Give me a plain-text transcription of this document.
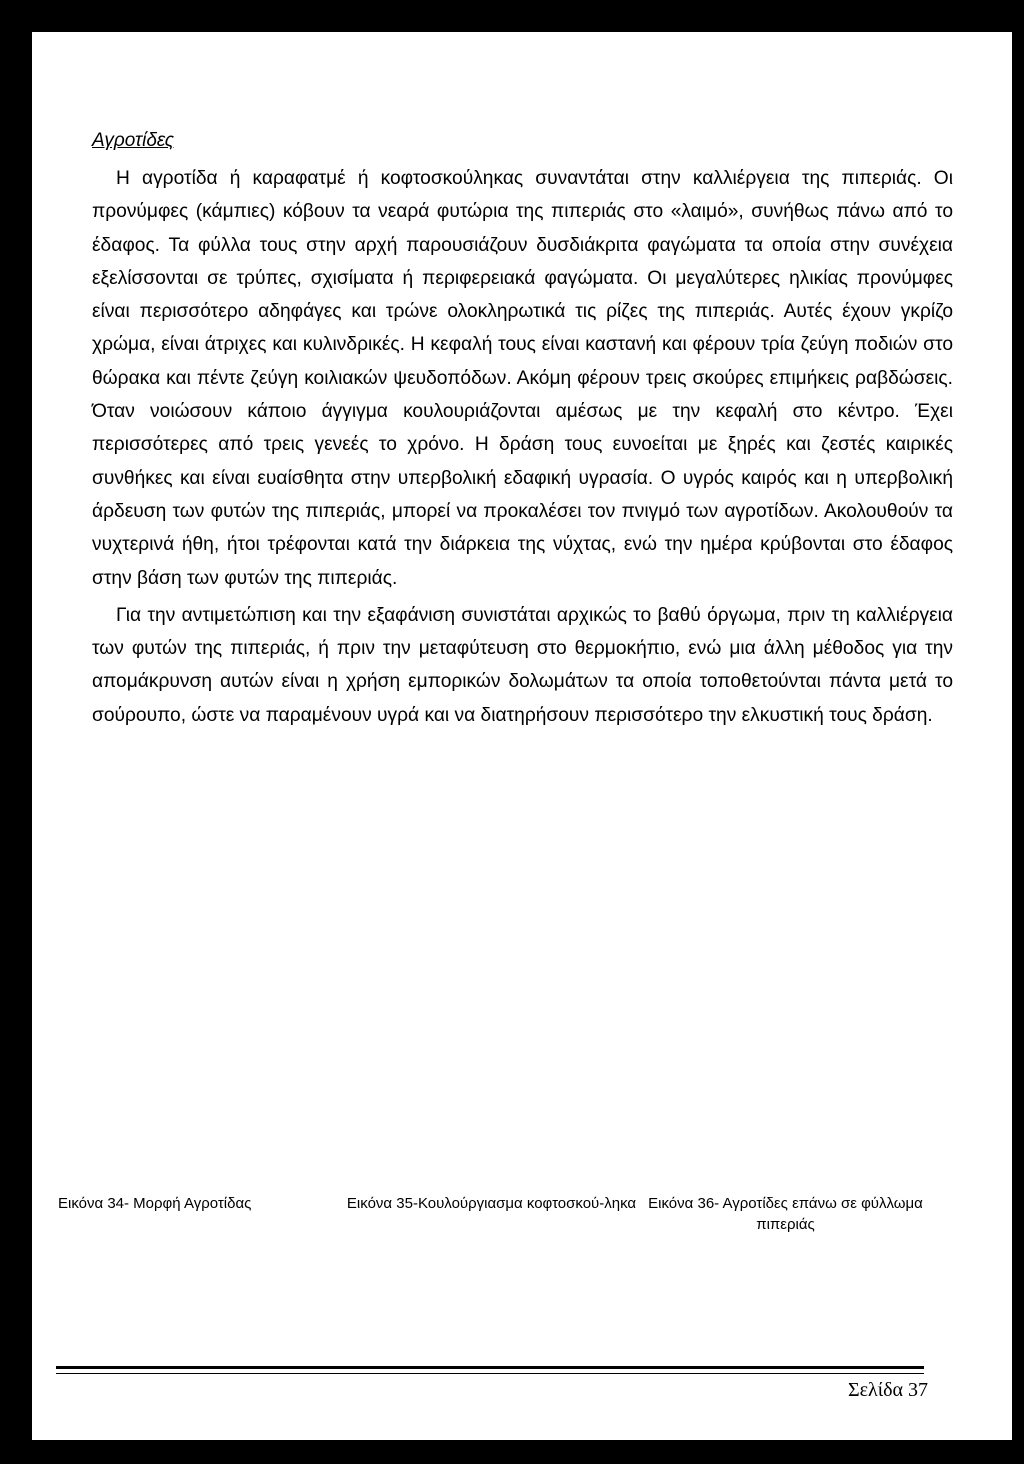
Αγροτίδες

Η αγροτίδα ή καραφατμέ ή κοφτοσκούληκας συναντάται στην καλλιέργεια της πιπεριάς. Οι προνύμφες (κάμπιες) κόβουν τα νεαρά φυτώρια της πιπεριάς στο «λαιμό», συνήθως πάνω από το έδαφος. Τα φύλλα τους στην αρχή παρουσιάζουν δυσδιάκριτα φαγώματα τα οποία στην συνέχεια εξελίσσονται σε τρύπες, σχισίματα ή περιφερειακά φαγώματα. Οι μεγαλύτερες ηλικίας προνύμφες είναι περισσότερο αδηφάγες και τρώνε ολοκληρωτικά τις ρίζες της πιπεριάς. Αυτές έχουν γκρίζο χρώμα, είναι άτριχες και κυλινδρικές. Η κεφαλή τους είναι καστανή και φέρουν τρία ζεύγη ποδιών στο θώρακα και πέντε ζεύγη κοιλιακών ψευδοπόδων. Ακόμη φέρουν τρεις σκούρες επιμήκεις ραβδώσεις. Όταν νοιώσουν κάποιο άγγιγμα κουλουριάζονται αμέσως με την κεφαλή στο κέντρο. Έχει περισσότερες από τρεις γενεές το χρόνο. Η δράση τους ευνοείται με ξηρές και ζεστές καιρικές συνθήκες και είναι ευαίσθητα στην υπερβολική εδαφική υγρασία. Ο υγρός καιρός και η υπερβολική άρδευση των φυτών της πιπεριάς, μπορεί να προκαλέσει τον πνιγμό των αγροτίδων. Ακολουθούν τα νυχτερινά ήθη, ήτοι τρέφονται κατά την διάρκεια της νύχτας, ενώ την ημέρα κρύβονται στο έδαφος στην βάση των φυτών της πιπεριάς.

Για την αντιμετώπιση και την εξαφάνιση συνιστάται αρχικώς το βαθύ όργωμα, πριν τη καλλιέργεια των φυτών της πιπεριάς, ή πριν την μεταφύτευση στο θερμοκήπιο, ενώ μια άλλη μέθοδος για την απομάκρυνση αυτών είναι η χρήση εμπορικών δολωμάτων τα οποία τοποθετούνται πάντα μετά το σούρουπο, ώστε να παραμένουν υγρά και να διατηρήσουν περισσότερο την ελκυστική τους δράση.

Εικόνα 34- Μορφή Αγροτίδας	Εικόνα 35-Κουλούργιασμα κοφτοσκού-ληκα Εικόνα 36- Αγροτίδες επάνω σε φύλλωμα πιπεριάς
Σελίδα 37
